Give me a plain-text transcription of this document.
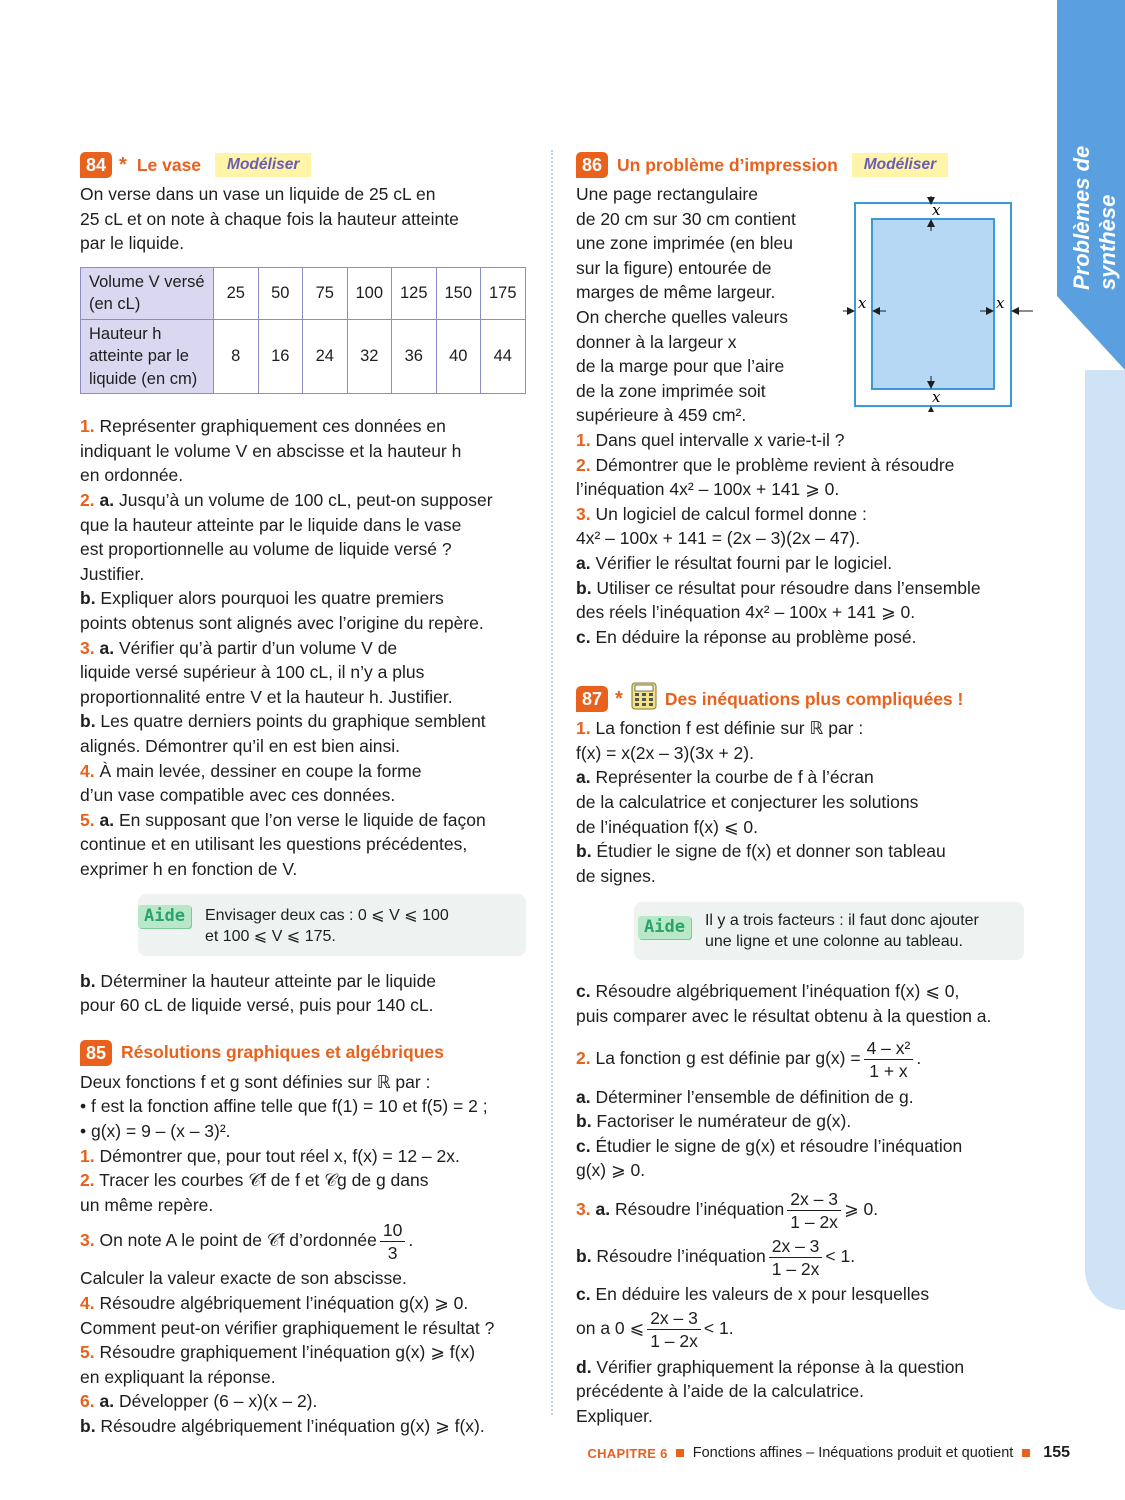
Problèmes de synthèse
84 * Le vase	Modéliser

On verse dans un vase un liquide de 25 cL en

25 cL et on note à chaque fois la hauteur atteinte

par le liquide.

Volume V versé
(en cL)	25	50	75	100	125	150	175

Hauteur h
atteinte par le
liquide (en cm)	8	16	24	32	36	40	44

1. Représenter graphiquement ces données en

indiquant le volume V en abscisse et la hauteur h

en ordonnée.

2. a. Jusqu’à un volume de 100 cL, peut-on supposer

que la hauteur atteinte par le liquide dans le vase

est proportionnelle au volume de liquide versé ?

Justifier.

b. Expliquer alors pourquoi les quatre premiers

points obtenus sont alignés avec l’origine du repère.

3. a. Vérifier qu’à partir d’un volume V de

liquide versé supérieur à 100 cL, il n’y a plus

proportionnalité entre V et la hauteur h. Justifier.

b. Les quatre derniers points du graphique semblent

alignés. Démontrer qu’il en est bien ainsi.

4. À main levée, dessiner en coupe la forme

d’un vase compatible avec ces données.

5. a. En supposant que l’on verse le liquide de façon

continue et en utilisant les questions précédentes,

exprimer h en fonction de V.

Aide	Envisager deux cas : 0 ⩽ V ⩽ 100

et 100 ⩽ V ⩽ 175.

b. Déterminer la hauteur atteinte par le liquide

pour 60 cL de liquide versé, puis pour 140 cL.

85 Résolutions graphiques et algébriques

Deux fonctions f et g sont définies sur ℝ par :

• f est la fonction affine telle que f(1) = 10 et f(5) = 2 ;

• g(x) = 9 – (x – 3)².

1. Démontrer que, pour tout réel x, f(x) = 12 – 2x.

2. Tracer les courbes 𝒞f de f et 𝒞g de g dans

un même repère.

3. On note A le point de 𝒞f d’ordonnée $\frac{10}{3}$ .

Calculer la valeur exacte de son abscisse.

4. Résoudre algébriquement l’inéquation g(x) ⩾ 0.

Comment peut-on vérifier graphiquement le résultat ?

5. Résoudre graphiquement l’inéquation g(x) ⩾ f(x)

en expliquant la réponse.

6. a. Développer (6 – x)(x – 2).

b. Résoudre algébriquement l’inéquation g(x) ⩾ f(x).

86 Un problème d’impression	Modéliser

Une page rectangulaire

de 20 cm sur 30 cm contient

une zone imprimée (en bleu

sur la figure) entourée de

marges de même largeur.

On cherche quelles valeurs

donner à la largeur x

de la marge pour que l’aire

de la zone imprimée soit

supérieure à 459 cm².

1. Dans quel intervalle x varie-t-il ?

2. Démontrer que le problème revient à résoudre

l’inéquation 4x² – 100x + 141 ⩾ 0.

3. Un logiciel de calcul formel donne :

4x² – 100x + 141 = (2x – 3)(2x – 47).

a. Vérifier le résultat fourni par le logiciel.

b. Utiliser ce résultat pour résoudre dans l’ensemble

des réels l’inéquation 4x² – 100x + 141 ⩾ 0.

c. En déduire la réponse au problème posé.

87 * Des inéquations plus compliquées !

1. La fonction f est définie sur ℝ par :

f(x) = x(2x – 3)(3x + 2).

a. Représenter la courbe de f à l’écran

de la calculatrice et conjecturer les solutions

de l’inéquation f(x) ⩽ 0.

b. Étudier le signe de f(x) et donner son tableau

de signes.

Aide	Il y a trois facteurs : il faut donc ajouter

une ligne et une colonne au tableau.

c. Résoudre algébriquement l’inéquation f(x) ⩽ 0,

puis comparer avec le résultat obtenu à la question a.

2. La fonction g est définie par $g(x) = \frac{\text{4 – x²}}{1 + x}$ .

a. Déterminer l’ensemble de définition de g.

b. Factoriser le numérateur de g(x).

c. Étudier le signe de g(x) et résoudre l’inéquation

g(x) ⩾ 0.

3. a. Résoudre l’inéquation $\frac{2x - 3}{1 - 2x}$ ⩾ 0.

b. Résoudre l’inéquation $\frac{2x - 3}{1 - 2x} < 1$.

c. En déduire les valeurs de x pour lesquelles

on a 0 ⩽ $\frac{2x - 3}{1 - 2x} < 1$.

d. Vérifier graphiquement la réponse à la question

précédente à l’aide de la calculatrice.

Expliquer.

x
x
x	x
CHAPITRE 6 Fonctions affines – Inéquations produit et quotient 155
